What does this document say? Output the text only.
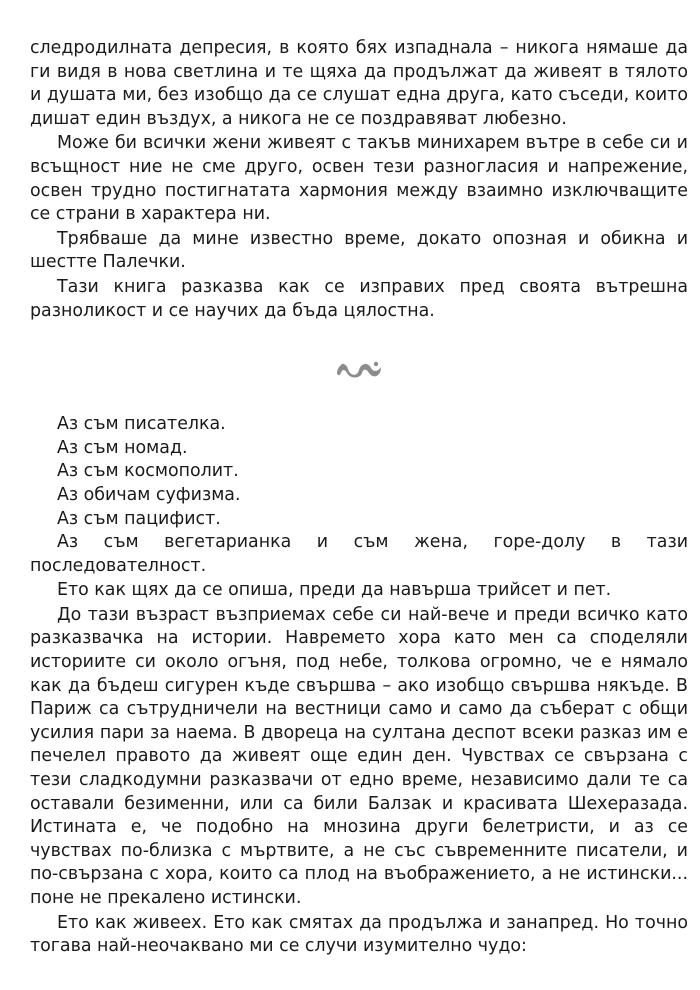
следродилната депресия, в която бях изпаднала – никога нямаше да ги видя в нова светлина и те щяха да продължат да живеят в тялото и душата ми, без изобщо да се слушат една друга, като съседи, които дишат един въздух, а никога не се поздравяват любезно.

Може би всички жени живеят с такъв минихарем вътре в себе си и всъщност ние не сме друго, освен тези разногласия и напрежение, освен трудно постигнатата хармония между взаимно изключващите се страни в характера ни.

Трябваше да мине известно време, докато опозная и обикна и шестте Палечки.

Тази книга разказва как се изправих пред своята вътрешна разноликост и се научих да бъда цялостна.

Аз съм писателка.

Аз съм номад.

Аз съм космополит.

Аз обичам суфизма.

Аз съм пацифист.

Аз съм вегетарианка и съм жена, горе-долу в тази последователност.

Ето как щях да се опиша, преди да навърша трийсет и пет.

До тази възраст възприемах себе си най-вече и преди всичко като разказвачка на истории. Навремето хора като мен са споделяли историите си около огъня, под небе, толкова огромно, че е нямало как да бъдеш сигурен къде свършва – ако изобщо свършва някъде. В Париж са сътрудничели на вестници само и само да съберат с общи усилия пари за наема. В двореца на султана деспот всеки разказ им е печелел правото да живеят още един ден. Чувствах се свързана с тези сладкодумни разказвачи от едно време, независимо дали те са оставали безименни, или са били Балзак и красивата Шехеразада. Истината е, че подобно на мнозина други белетристи, и аз се чувствах по-близка с мъртвите, а не със съвременните писатели, и по-свързана с хора, които са плод на въображението, а не истински... поне не прекалено истински.

Ето как живеех. Ето как смятах да продължа и занапред. Но точно тогава най-неочаквано ми се случи изумително чудо:
